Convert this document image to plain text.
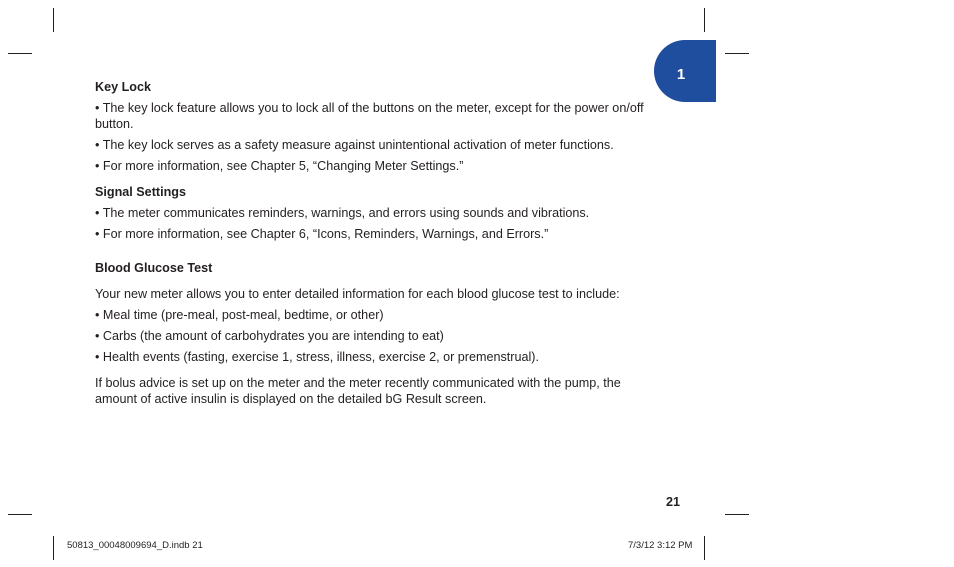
1
Key Lock
• The key lock feature allows you to lock all of the buttons on the meter, except for the power on/off button.
• The key lock serves as a safety measure against unintentional activation of meter functions.
• For more information, see Chapter 5, “Changing Meter Settings.”
Signal Settings
• The meter communicates reminders, warnings, and errors using sounds and vibrations.
• For more information, see Chapter 6, “Icons, Reminders, Warnings, and Errors.”
Blood Glucose Test

Your new meter allows you to enter detailed information for each blood glucose test to include:

• Meal time (pre-meal, post-meal, bedtime, or other)
• Carbs (the amount of carbohydrates you are intending to eat)
• Health events (fasting, exercise 1, stress, illness, exercise 2, or premenstrual).

If bolus advice is set up on the meter and the meter recently communicated with the pump, the amount of active insulin is displayed on the detailed bG Result screen.

21
50813_00048009694_D.indb 21	7/3/12 3:12 PM
